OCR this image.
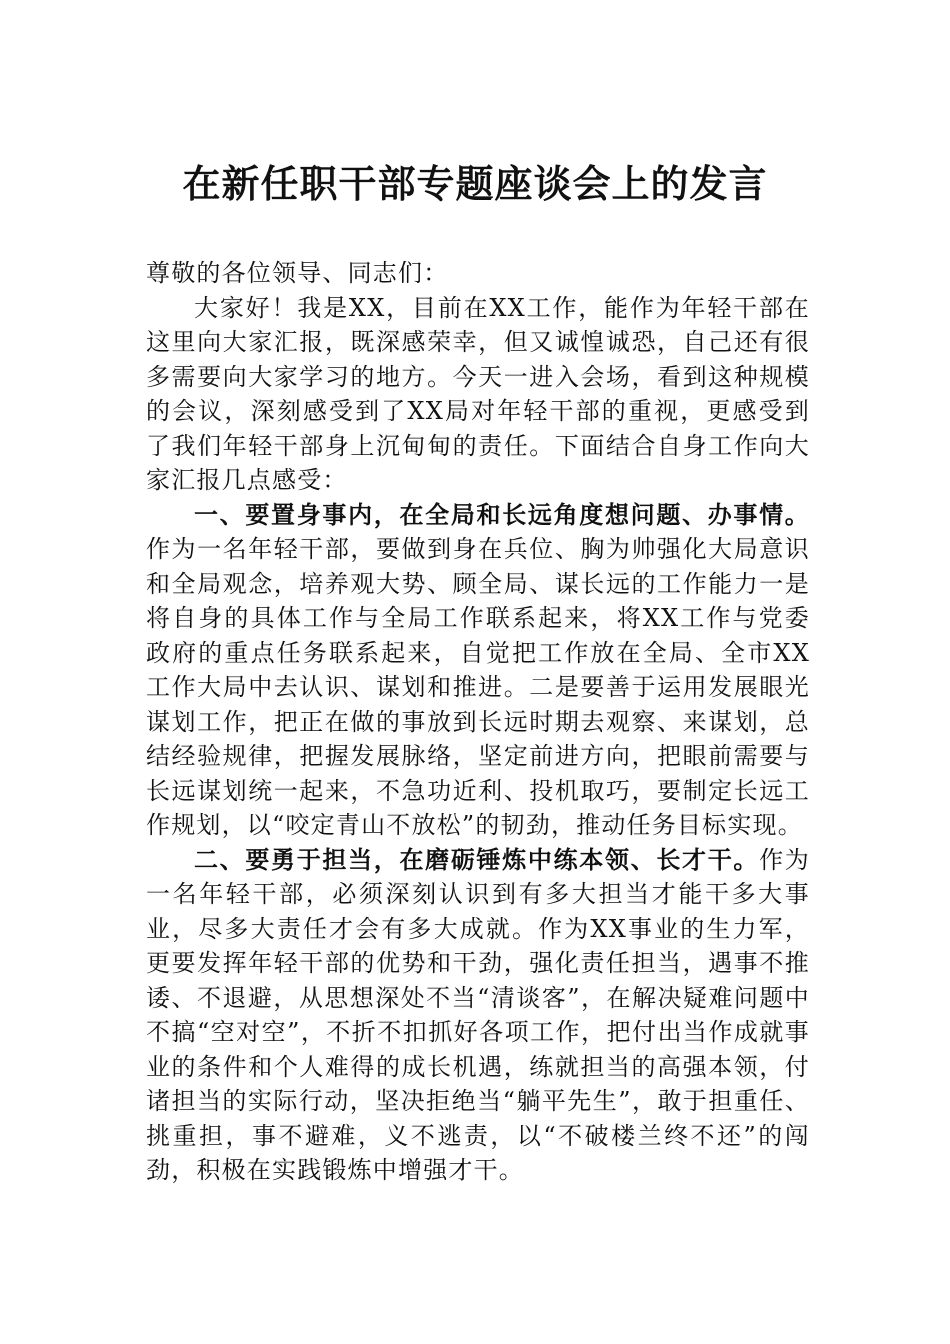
在新任职干部专题座谈会上的发言

尊敬的各位领导、同志们：

大家好！我是XX，目前在XX工作，能作为年轻干部在这里向大家汇报，既深感荣幸，但又诚惶诚恐，自己还有很多需要向大家学习的地方。今天一进入会场，看到这种规模的会议，深刻感受到了XX局对年轻干部的重视，更感受到了我们年轻干部身上沉甸甸的责任。下面结合自身工作向大家汇报几点感受：

一、要置身事内，在全局和长远角度想问题、办事情。作为一名年轻干部，要做到身在兵位、胸为帅强化大局意识和全局观念，培养观大势、顾全局、谋长远的工作能力一是将自身的具体工作与全局工作联系起来，将XX工作与党委政府的重点任务联系起来，自觉把工作放在全局、全市XX工作大局中去认识、谋划和推进。二是要善于运用发展眼光谋划工作，把正在做的事放到长远时期去观察、来谋划，总结经验规律，把握发展脉络，坚定前进方向，把眼前需要与长远谋划统一起来，不急功近利、投机取巧，要制定长远工作规划，以“咬定青山不放松”的韧劲，推动任务目标实现。

二、要勇于担当，在磨砺锤炼中练本领、长才干。作为一名年轻干部，必须深刻认识到有多大担当才能干多大事业，尽多大责任才会有多大成就。作为XX事业的生力军，更要发挥年轻干部的优势和干劲，强化责任担当，遇事不推诿、不退避，从思想深处不当“清谈客”，在解决疑难问题中不搞“空对空”，不折不扣抓好各项工作，把付出当作成就事业的条件和个人难得的成长机遇，练就担当的高强本领，付诸担当的实际行动，坚决拒绝当“躺平先生”，敢于担重任、挑重担，事不避难，义不逃责，以“不破楼兰终不还”的闯劲，积极在实践锻炼中增强才干。
